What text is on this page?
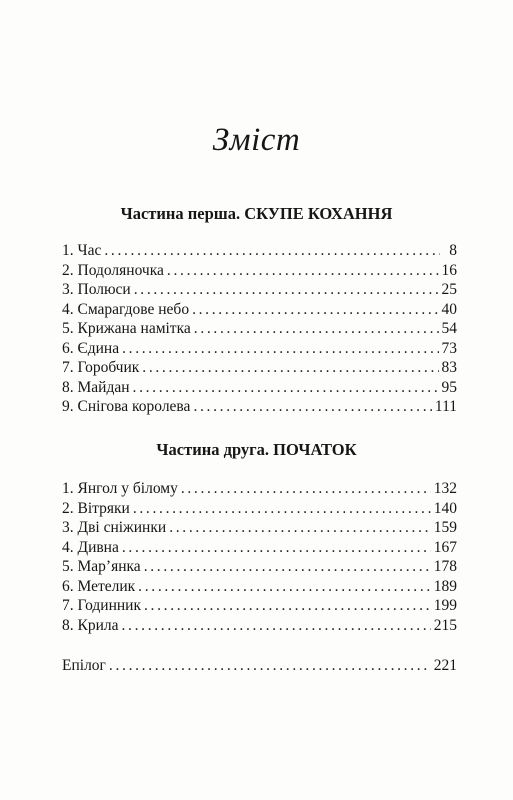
Зміст
Частина перша. СКУПЕ КОХАННЯ
1. Час . . .	8
2. Подоляночка . . .	16
3. Полюси . . .	25
4. Смарагдове небо . . .	40
5. Крижана намітка . . .	54
6. Єдина . . .	73
7. Горобчик . . .	83
8. Майдан . . .	95
9. Снігова королева . . .	111
Частина друга. ПОЧАТОК
1. Янгол у білому . . .	132
2. Вітряки . . .	140
3. Дві сніжинки . . .	159
4. Дивна . . .	167
5. Мар’янка . . .	178
6. Метелик . . .	189
7. Годинник . . .	199
8. Крила . . .	215
Епілог . . .	221
